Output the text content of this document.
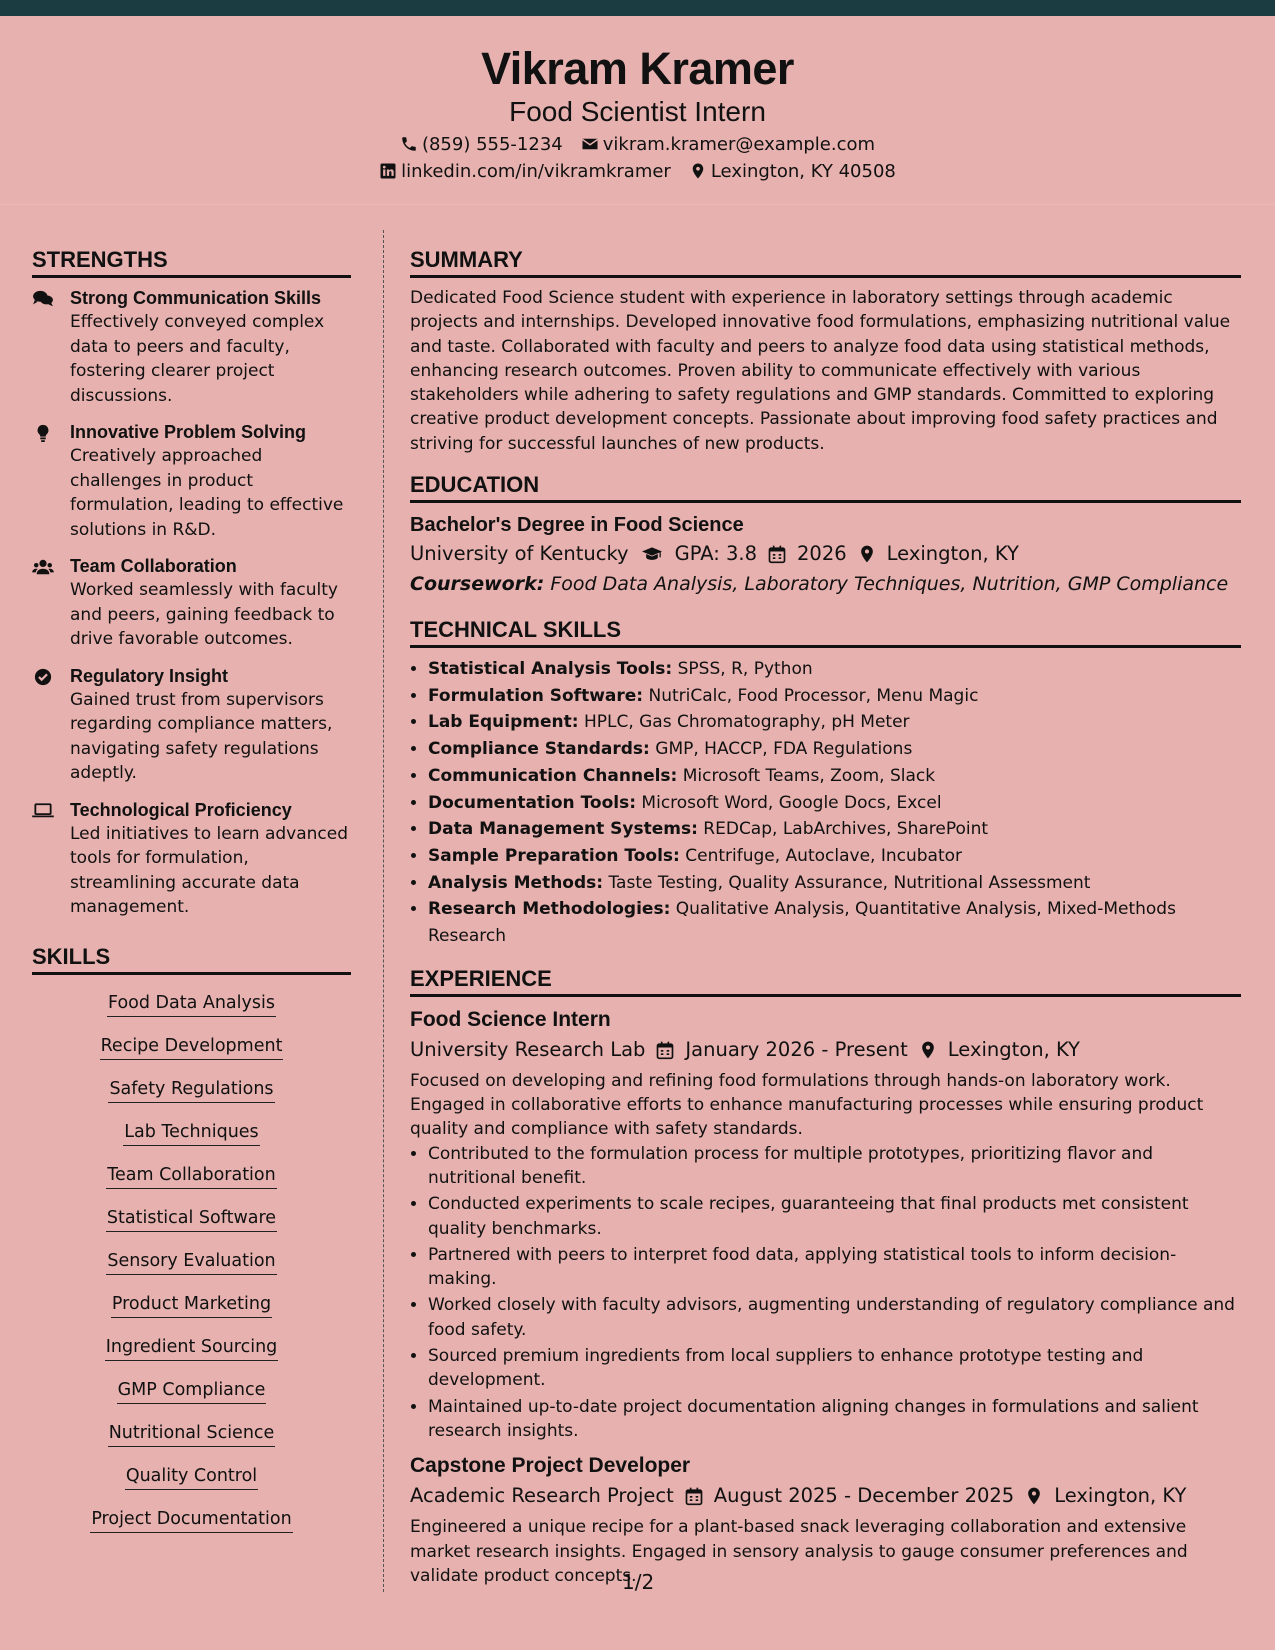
Vikram Kramer
Food Scientist Intern
(859) 555-1234 vikram.kramer@example.com
linkedin.com/in/vikramkramer Lexington, KY 40508
STRENGTHS
Strong Communication Skills
Effectively conveyed complex data to peers and faculty, fostering clearer project discussions.
Innovative Problem Solving
Creatively approached challenges in product formulation, leading to effective solutions in R&D.
Team Collaboration
Worked seamlessly with faculty and peers, gaining feedback to drive favorable outcomes.
Regulatory Insight
Gained trust from supervisors regarding compliance matters, navigating safety regulations adeptly.
Technological Proficiency
Led initiatives to learn advanced tools for formulation, streamlining accurate data management.
SKILLS
Food Data Analysis
Recipe Development
Safety Regulations
Lab Techniques
Team Collaboration
Statistical Software
Sensory Evaluation
Product Marketing
Ingredient Sourcing
GMP Compliance
Nutritional ScienceQuality Control
Project Documentation
SUMMARY
Dedicated Food Science student with experience in laboratory settings through academic projects and internships. Developed innovative food formulations, emphasizing nutritional value and taste. Collaborated with faculty and peers to analyze food data using statistical methods, enhancing research outcomes. Proven ability to communicate effectively with various stakeholders while adhering to safety regulations and GMP standards. Committed to exploring creative product development concepts. Passionate about improving food safety practices and striving for successful launches of new products.
EDUCATION
Bachelor's Degree in Food Science
University of Kentucky GPA: 3.8 2026 Lexington, KY
Coursework: Food Data Analysis, Laboratory Techniques, Nutrition, GMP Compliance
TECHNICAL SKILLS
• Statistical Analysis Tools: SPSS, R, Python
• Formulation Software: NutriCalc, Food Processor, Menu Magic
• Lab Equipment: HPLC, Gas Chromatography, pH Meter
• Compliance Standards: GMP, HACCP, FDA Regulations
• Communication Channels: Microsoft Teams, Zoom, Slack
• Documentation Tools: Microsoft Word, Google Docs, Excel
• Data Management Systems: REDCap, LabArchives, SharePoint
• Sample Preparation Tools: Centrifuge, Autoclave, Incubator
• Analysis Methods: Taste Testing, Quality Assurance, Nutritional Assessment
• Research Methodologies: Qualitative Analysis, Quantitative Analysis, Mixed-Methods Research
EXPERIENCE
Food Science Intern
University Research Lab January 2026 - Present Lexington, KY
Focused on developing and refining food formulations through hands-on laboratory work. Engaged in collaborative efforts to enhance manufacturing processes while ensuring product quality and compliance with safety standards.
• Contributed to the formulation process for multiple prototypes, prioritizing flavor and nutritional benefit.
• Conducted experiments to scale recipes, guaranteeing that final products met consistent quality benchmarks.
• Partnered with peers to interpret food data, applying statistical tools to inform decision-making.
• Worked closely with faculty advisors, augmenting understanding of regulatory compliance and food safety.
• Sourced premium ingredients from local suppliers to enhance prototype testing and development.
• Maintained up-to-date project documentation aligning changes in formulations and salient research insights.
Capstone Project Developer
Academic Research Project August 2025 - December 2025 Lexington, KY
Engineered a unique recipe for a plant-based snack leveraging collaboration and extensive market research insights. Engaged in sensory analysis to gauge consumer preferences and validate product concepts.
1/2
